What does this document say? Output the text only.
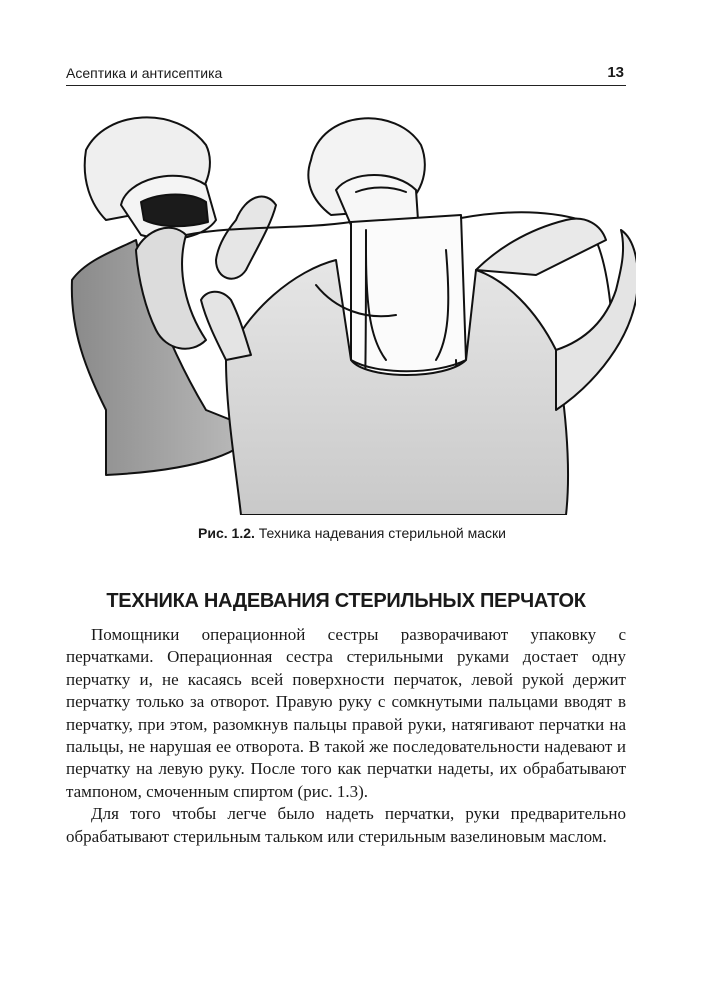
Асептика и антисептика	13
Рис. 1.2. Техника надевания стерильной маски
ТЕХНИКА НАДЕВАНИЯ СТЕРИЛЬНЫХ ПЕРЧАТОК

Помощники операционной сестры разворачивают упаковку с перчатками. Операционная сестра стерильными руками достает одну перчатку и, не касаясь всей поверхности перчаток, левой рукой держит перчатку только за отворот. Правую руку с сомкнутыми пальцами вводят в перчатку, при этом, разомкнув пальцы правой руки, натягивают перчатки на пальцы, не нарушая ее отворота. В такой же последовательности надевают и перчатку на левую руку. После того как перчатки надеты, их обрабатывают тампоном, смоченным спиртом (рис. 1.3).

Для того чтобы легче было надеть перчатки, руки предварительно обрабатывают стерильным тальком или стерильным вазелиновым маслом.
